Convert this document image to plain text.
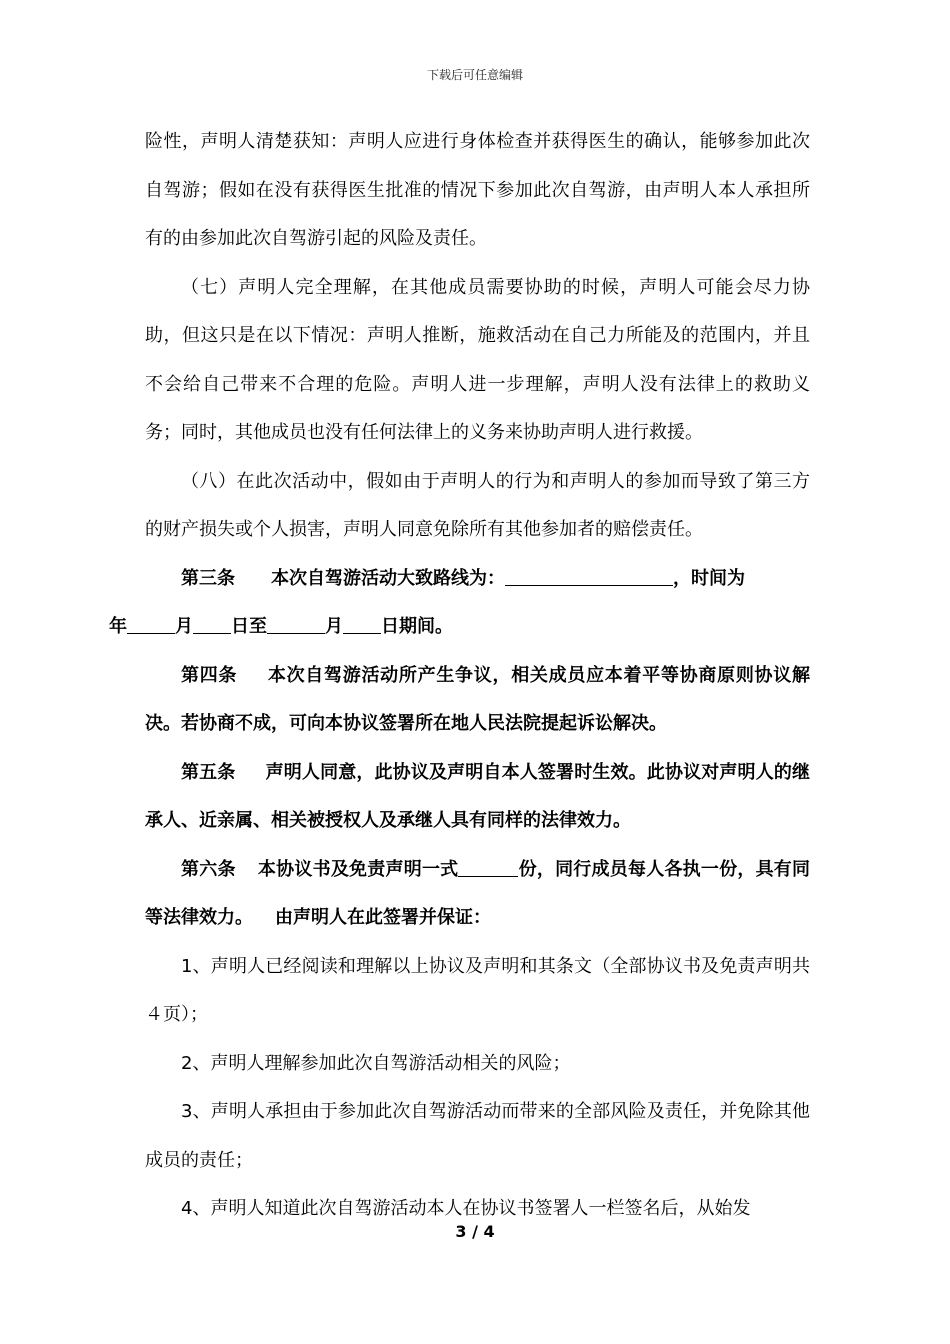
下载后可任意编辑

险性，声明人清楚获知：声明人应进行身体检查并获得医生的确认，能够参加此次自驾游；假如在没有获得医生批准的情况下参加此次自驾游，由声明人本人承担所有的由参加此次自驾游引起的风险及责任。

（七）声明人完全理解，在其他成员需要协助的时候，声明人可能会尽力协助，但这只是在以下情况：声明人推断，施救活动在自己力所能及的范围内，并且不会给自己带来不合理的危险。声明人进一步理解，声明人没有法律上的救助义务；同时，其他成员也没有任何法律上的义务来协助声明人进行救援。

（八）在此次活动中，假如由于声明人的行为和声明人的参加而导致了第三方的财产损失或个人损害，声明人同意免除所有其他参加者的赔偿责任。

第三条 本次自驾游活动大致路线为：	，时间为
年	月 日至	月 日期间。

第四条 本次自驾游活动所产生争议，相关成员应本着平等协商原则协议解决。若协商不成，可向本协议签署所在地人民法院提起诉讼解决。

第五条 声明人同意，此协议及声明自本人签署时生效。此协议对声明人的继承人、近亲属、相关被授权人及承继人具有同样的法律效力。

第六条 本协议书及免责声明一式	份，同行成员每人各执一份，具有同等法律效力。 由声明人在此签署并保证：

1、声明人已经阅读和理解以上协议及声明和其条文（全部协议书及免责声明共４页）；

2、声明人理解参加此次自驾游活动相关的风险；

3、声明人承担由于参加此次自驾游活动而带来的全部风险及责任，并免除其他成员的责任；

4、声明人知道此次自驾游活动本人在协议书签署人一栏签名后，从始发

3 / 4
